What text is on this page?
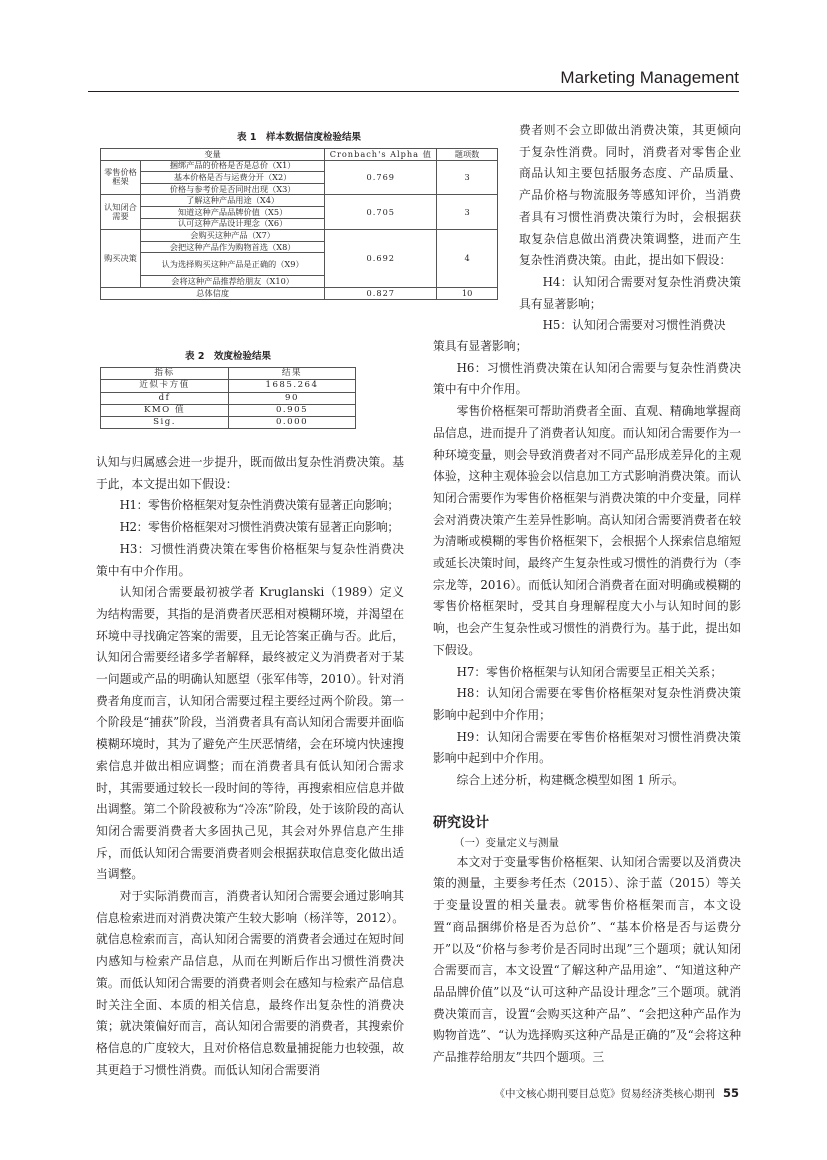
Marketing Management
表 1　样本数据信度检验结果
变量		Cronbach's Alpha 值	题项数
零售价格框架	捆绑产品的价格是否是总价（X1）	0.769	3
	基本价格是否与运费分开（X2）		
	价格与参考价是否同时出现（X3）		
认知闭合需要	了解这种产品用途（X4）	0.705	3
	知道这种产品品牌价值（X5）		
	认可这种产品设计理念（X6）		
购买决策	会购买这种产品（X7）	0.692	4
	会把这种产品作为购物首选（X8）		
	认为选择购买这种产品是正确的（X9）		
	会将这种产品推荐给朋友（X10）		
总体信度		0.827	10
表 2　效度检验结果
指标	结果
近似卡方值	1685.264
df	90
KMO 值	0.905
Sig.	0.000

费者则不会立即做出消费决策，其更倾向于复杂性消费。同时，消费者对零售企业商品认知主要包括服务态度、产品质量、产品价格与物流服务等感知评价，当消费者具有习惯性消费决策行为时，会根据获取复杂信息做出消费决策调整，进而产生复杂性消费决策。由此，提出如下假设：

H4：认知闭合需要对复杂性消费决策具有显著影响；

H5：认知闭合需要对习惯性消费决

认知与归属感会进一步提升，既而做出复杂性消费决策。基于此，本文提出如下假设：

H1：零售价格框架对复杂性消费决策有显著正向影响；

H2：零售价格框架对习惯性消费决策有显著正向影响；

H3：习惯性消费决策在零售价格框架与复杂性消费决策中有中介作用。

认知闭合需要最初被学者 Kruglanski（1989）定义为结构需要，其指的是消费者厌恶相对模糊环境，并渴望在环境中寻找确定答案的需要，且无论答案正确与否。此后，认知闭合需要经诸多学者解释，最终被定义为消费者对于某一问题或产品的明确认知愿望（张军伟等，2010）。针对消费者角度而言，认知闭合需要过程主要经过两个阶段。第一个阶段是“捕获”阶段，当消费者具有高认知闭合需要并面临模糊环境时，其为了避免产生厌恶情绪，会在环境内快速搜索信息并做出相应调整；而在消费者具有低认知闭合需求时，其需要通过较长一段时间的等待，再搜索相应信息并做出调整。第二个阶段被称为“冷冻”阶段，处于该阶段的高认知闭合需要消费者大多固执己见，其会对外界信息产生排斥，而低认知闭合需要消费者则会根据获取信息变化做出适当调整。

对于实际消费而言，消费者认知闭合需要会通过影响其信息检索进而对消费决策产生较大影响（杨洋等，2012）。就信息检索而言，高认知闭合需要的消费者会通过在短时间内感知与检索产品信息，从而在判断后作出习惯性消费决策。而低认知闭合需要的消费者则会在感知与检索产品信息时关注全面、本质的相关信息，最终作出复杂性的消费决策；就决策偏好而言，高认知闭合需要的消费者，其搜索价格信息的广度较大，且对价格信息数量捕捉能力也较强，故其更趋于习惯性消费。而低认知闭合需要消

策具有显著影响；

H6：习惯性消费决策在认知闭合需要与复杂性消费决策中有中介作用。

零售价格框架可帮助消费者全面、直观、精确地掌握商品信息，进而提升了消费者认知度。而认知闭合需要作为一种环境变量，则会导致消费者对不同产品形成差异化的主观体验，这种主观体验会以信息加工方式影响消费决策。而认知闭合需要作为零售价格框架与消费决策的中介变量，同样会对消费决策产生差异性影响。高认知闭合需要消费者在较为清晰或模糊的零售价格框架下，会根据个人探索信息缩短或延长决策时间，最终产生复杂性或习惯性的消费行为（李宗龙等，2016）。而低认知闭合消费者在面对明确或模糊的零售价格框架时，受其自身理解程度大小与认知时间的影响，也会产生复杂性或习惯性的消费行为。基于此，提出如下假设。

H7：零售价格框架与认知闭合需要呈正相关关系；

H8：认知闭合需要在零售价格框架对复杂性消费决策影响中起到中介作用；

H9：认知闭合需要在零售价格框架对习惯性消费决策影响中起到中介作用。

综合上述分析，构建概念模型如图 1 所示。

研究设计

（一）变量定义与测量

本文对于变量零售价格框架、认知闭合需要以及消费决策的测量，主要参考任杰（2015）、涂于蓝（2015）等关于变量设置的相关量表。就零售价格框架而言，本文设置“商品捆绑价格是否为总价”、“基本价格是否与运费分开”以及“价格与参考价是否同时出现”三个题项；就认知闭合需要而言，本文设置“了解这种产品用途”、“知道这种产品品牌价值”以及“认可这种产品设计理念”三个题项。就消费决策而言，设置“会购买这种产品”、“会把这种产品作为购物首选”、“认为选择购买这种产品是正确的”及“会将这种产品推荐给朋友”共四个题项。三

《中文核心期刊要目总览》贸易经济类核心期刊 55
